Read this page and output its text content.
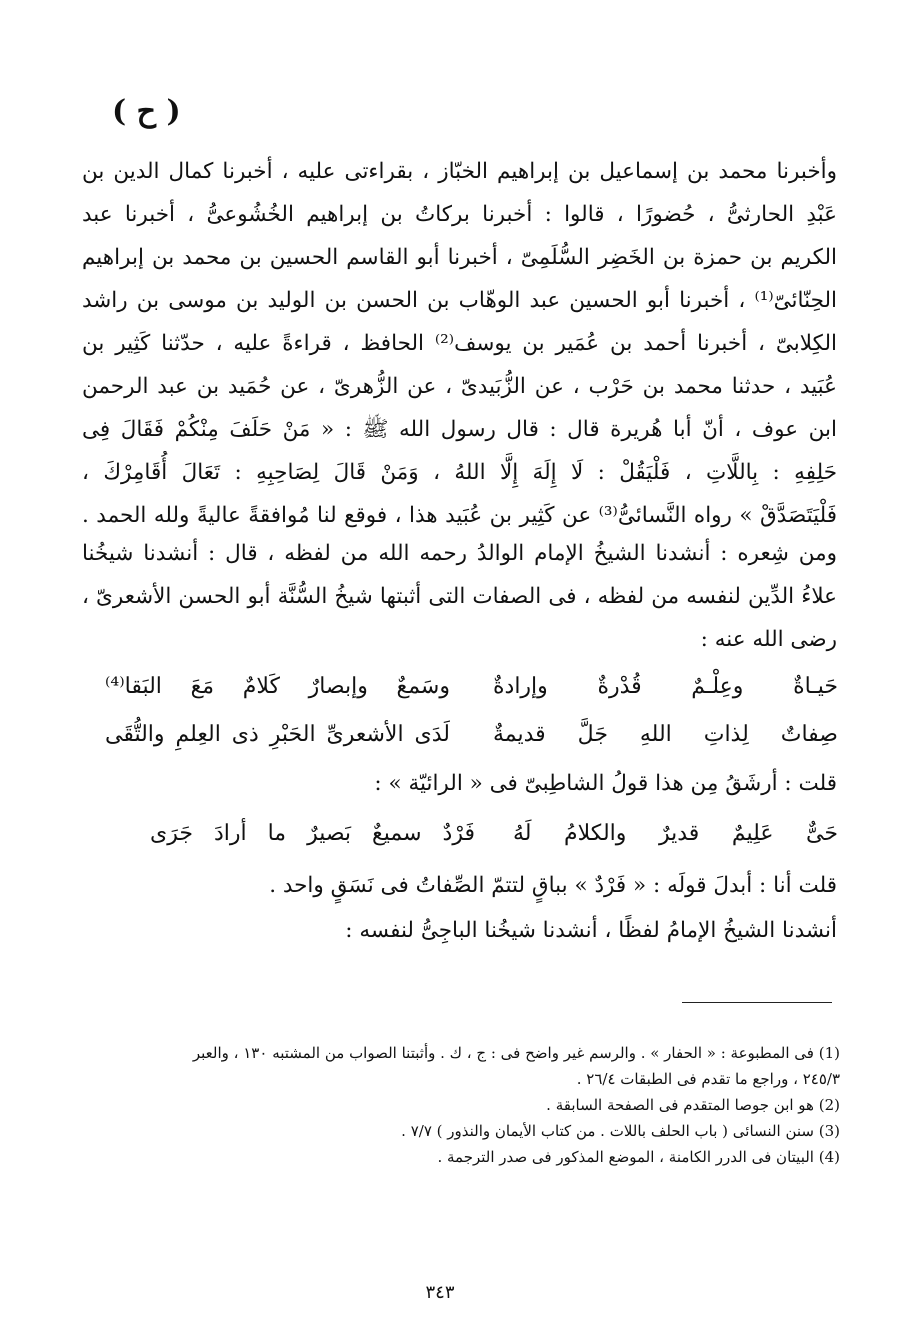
( ح )
وأخبرنا محمد بن إسماعيل بن إبراهيم الخبّاز ، بقراءتى عليه ، أخبرنا كمال الدين بن
عَبْدِ الحارثىُّ ، حُضورًا ، قالوا : أخبرنا بركاتُ بن إبراهيم الخُشُوعىُّ ، أخبرنا عبد
الكريم بن حمزة بن الخَضِر السُّلَمِىّ ، أخبرنا أبو القاسم الحسين بن محمد بن إبراهيم
الحِنّائىّ⁽¹⁾ ، أخبرنا أبو الحسين عبد الوهّاب بن الحسن بن الوليد بن موسى بن راشد
الكِلابىّ ، أخبرنا أحمد بن عُمَير بن يوسف⁽²⁾ الحافظ ، قراءةً عليه ، حدّثنا كَثِير بن
عُبَيد ، حدثنا محمد بن حَرْب ، عن الزُّبَيدىّ ، عن الزُّهرىّ ، عن حُمَيد بن عبد الرحمن
ابن عوف ، أنّ أبا هُريرة قال : قال رسول الله ﷺ : « مَنْ حَلَفَ مِنْكُمْ فَقَالَ فِى
حَلِفِهِ : بِاللَّاتِ ، فَلْيَقُلْ : لَا إِلَهَ إِلَّا اللهُ ، وَمَنْ قَالَ لِصَاحِبِهِ : تَعَالَ أُقَامِرْكَ ،
فَلْيَتَصَدَّقْ » رواه النَّسائىُّ⁽³⁾ عن كَثِير بن عُبَيد هذا ، فوقع لنا مُوافقةً عاليةً ولله الحمد .
ومن شِعره : أنشدنا الشيخُ الإمام الوالدُ رحمه الله من لفظه ، قال : أنشدنا شيخُنا
علاءُ الدِّين لنفسه من لفظه ، فى الصفات التى أثبتها شيخُ السُّنَّة أبو الحسن الأشعرىّ ،
رضى الله عنه :
حَيـاةٌ وعِلْـمٌ قُدْرةٌ وإرادةٌ
وسَمعٌ وإبصارٌ كَلامٌ مَعَ البَقا⁽⁴⁾
صِفاتٌ لِذاتِ اللهِ جَلَّ قديمةٌ
لَدَى الأشعرىِّ الحَبْرِ ذى العِلمِ والتُّقَى
قلت : أرشَقُ مِن هذا قولُ الشاطِبىّ فى « الرائيّة » :
حَىٌّ عَلِيمٌ قديرٌ والكلامُ لَهُ
فَرْدٌ سميعٌ بَصيرٌ ما أرادَ جَرَى
قلت أنا : أبدلَ قولَه : « فَرْدٌ » بباقٍ لتتمّ الصِّفاتُ فى نَسَقٍ واحد .
أنشدنا الشيخُ الإمامُ لفظًا ، أنشدنا شيخُنا الباجِىُّ لنفسه :
(1) فى المطبوعة : « الحفار » . والرسم غير واضح فى : ج ، ك . وأثبتنا الصواب من المشتبه ١٣٠ ، والعبر
٢٤٥/٣ ، وراجع ما تقدم فى الطبقات ٢٦/٤ .
(2) هو ابن جوصا المتقدم فى الصفحة السابقة .
(3) سنن النسائى ( باب الحلف باللات . من كتاب الأيمان والنذور ) ٧/٧ .
(4) البيتان فى الدرر الكامنة ، الموضع المذكور فى صدر الترجمة .
٣٤٣
